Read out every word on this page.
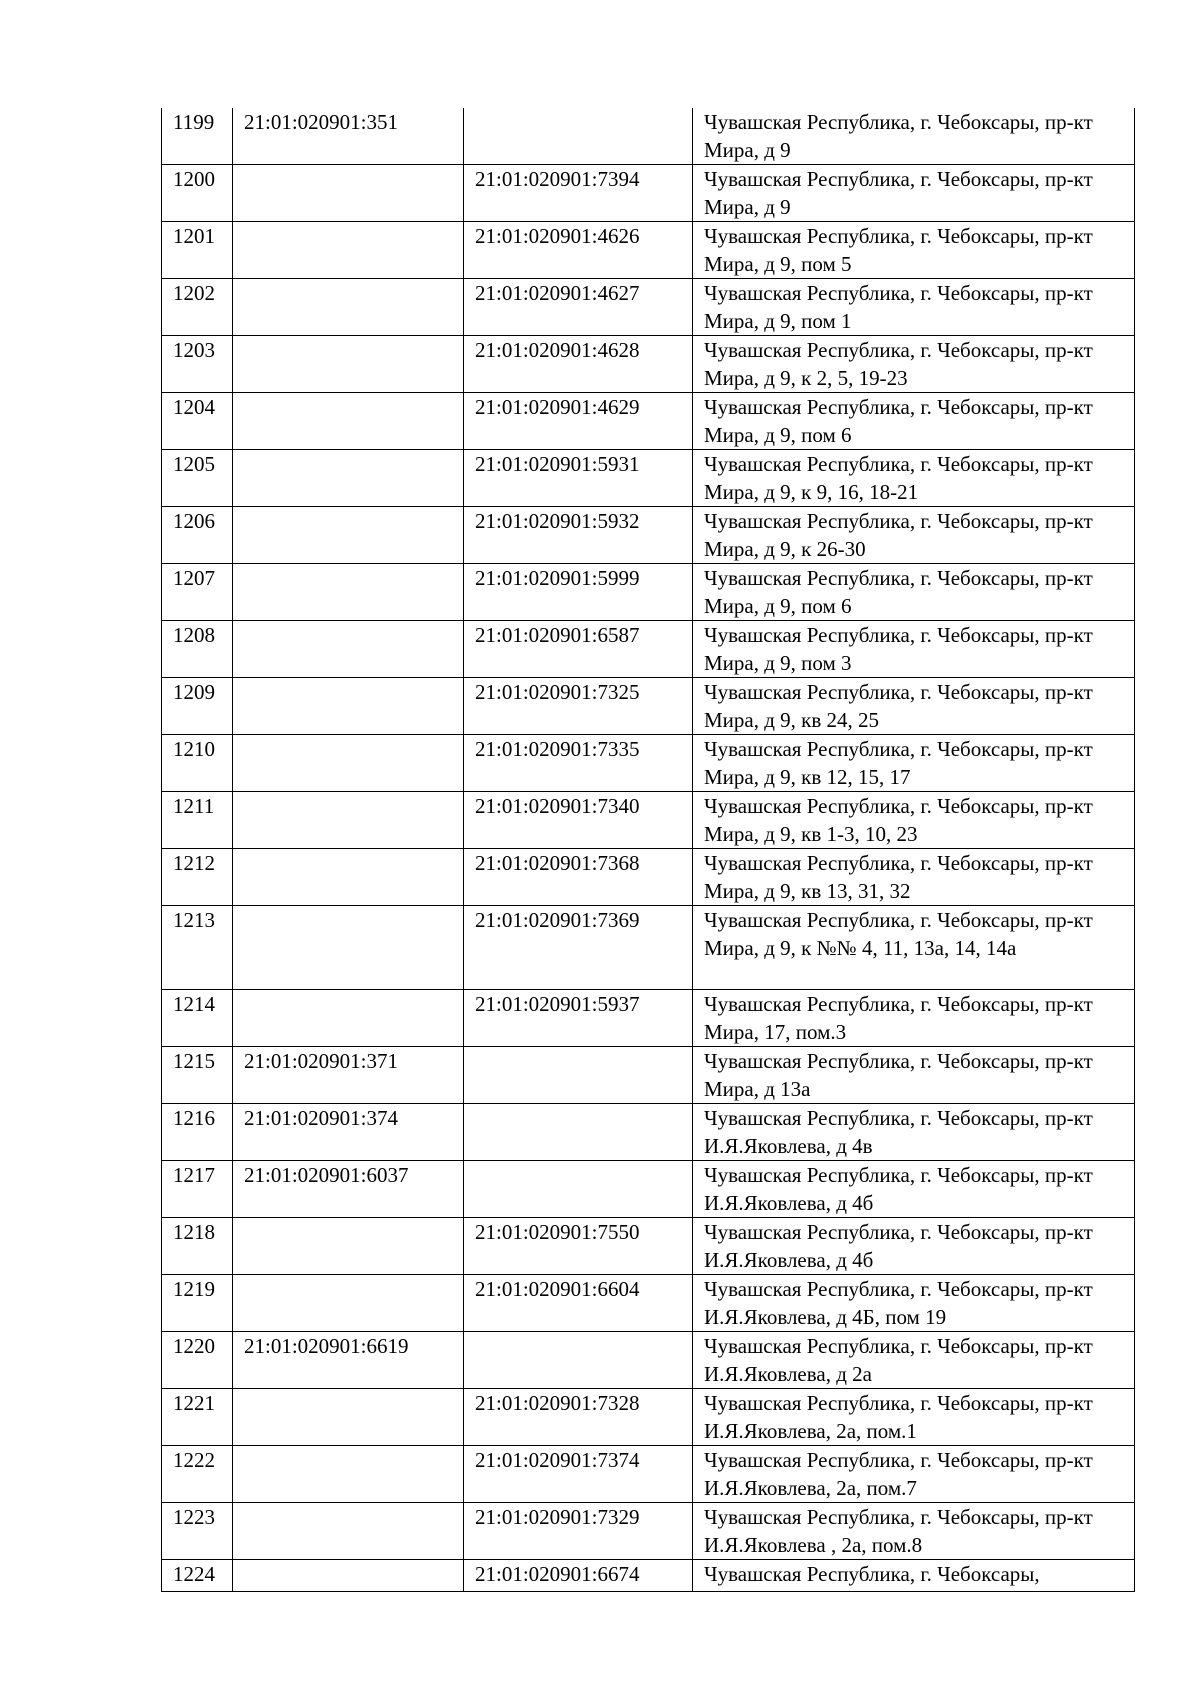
1199	21:01:020901:351		Чувашская Республика, г. Чебоксары, пр-кт Мира, д 9
1200		21:01:020901:7394	Чувашская Республика, г. Чебоксары, пр-кт Мира, д 9
1201		21:01:020901:4626	Чувашская Республика, г. Чебоксары, пр-кт Мира, д 9, пом 5
1202		21:01:020901:4627	Чувашская Республика, г. Чебоксары, пр-кт Мира, д 9, пом 1
1203		21:01:020901:4628	Чувашская Республика, г. Чебоксары, пр-кт Мира, д 9, к 2, 5, 19-23
1204		21:01:020901:4629	Чувашская Республика, г. Чебоксары, пр-кт Мира, д 9, пом 6
1205		21:01:020901:5931	Чувашская Республика, г. Чебоксары, пр-кт Мира, д 9, к 9, 16, 18-21
1206		21:01:020901:5932	Чувашская Республика, г. Чебоксары, пр-кт Мира, д 9, к 26-30
1207		21:01:020901:5999	Чувашская Республика, г. Чебоксары, пр-кт Мира, д 9, пом 6
1208		21:01:020901:6587	Чувашская Республика, г. Чебоксары, пр-кт Мира, д 9, пом 3
1209		21:01:020901:7325	Чувашская Республика, г. Чебоксары, пр-кт Мира, д 9, кв 24, 25
1210		21:01:020901:7335	Чувашская Республика, г. Чебоксары, пр-кт Мира, д 9, кв 12, 15, 17
1211		21:01:020901:7340	Чувашская Республика, г. Чебоксары, пр-кт Мира, д 9, кв 1-3, 10, 23
1212		21:01:020901:7368	Чувашская Республика, г. Чебоксары, пр-кт Мира, д 9, кв 13, 31, 32
1213		21:01:020901:7369	Чувашская Республика, г. Чебоксары, пр-кт Мира, д 9, к №№ 4, 11, 13а, 14, 14а
1214		21:01:020901:5937	Чувашская Республика, г. Чебоксары, пр-кт Мира, 17, пом.3
1215	21:01:020901:371		Чувашская Республика, г. Чебоксары, пр-кт Мира, д 13а
1216	21:01:020901:374		Чувашская Республика, г. Чебоксары, пр-кт И.Я.Яковлева, д 4в
1217	21:01:020901:6037		Чувашская Республика, г. Чебоксары, пр-кт И.Я.Яковлева, д 4б
1218		21:01:020901:7550	Чувашская Республика, г. Чебоксары, пр-кт И.Я.Яковлева, д 4б
1219		21:01:020901:6604	Чувашская Республика, г. Чебоксары, пр-кт И.Я.Яковлева, д 4Б, пом 19
1220	21:01:020901:6619		Чувашская Республика, г. Чебоксары, пр-кт И.Я.Яковлева, д 2а
1221		21:01:020901:7328	Чувашская Республика, г. Чебоксары, пр-кт И.Я.Яковлева, 2а, пом.1
1222		21:01:020901:7374	Чувашская Республика, г. Чебоксары, пр-кт И.Я.Яковлева, 2а, пом.7
1223		21:01:020901:7329	Чувашская Республика, г. Чебоксары, пр-кт И.Я.Яковлева , 2а, пом.8
1224		21:01:020901:6674	Чувашская Республика, г. Чебоксары,
